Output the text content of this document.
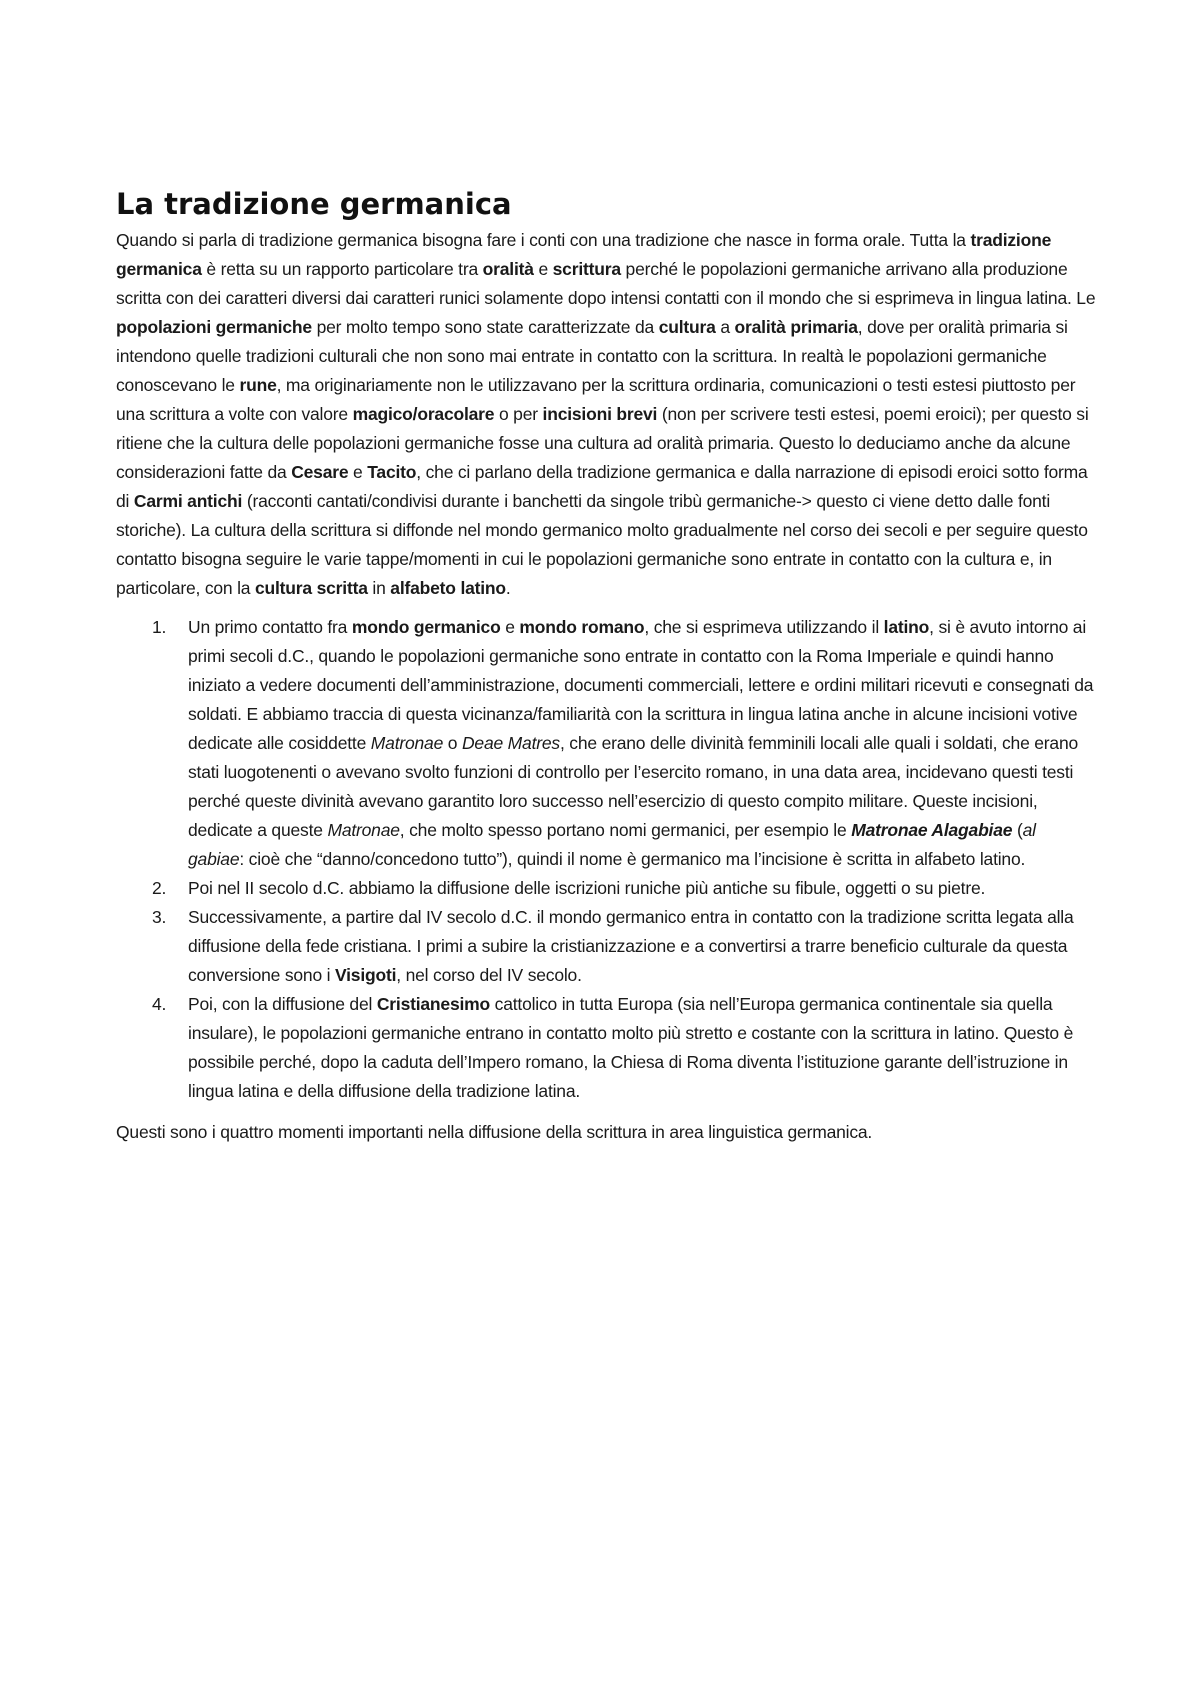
La tradizione germanica

Quando si parla di tradizione germanica bisogna fare i conti con una tradizione che nasce in forma orale. Tutta la tradizione germanica è retta su un rapporto particolare tra oralità e scrittura perché le popolazioni germaniche arrivano alla produzione scritta con dei caratteri diversi dai caratteri runici solamente dopo intensi contatti con il mondo che si esprimeva in lingua latina. Le popolazioni germaniche per molto tempo sono state caratterizzate da cultura a oralità primaria, dove per oralità primaria si intendono quelle tradizioni culturali che non sono mai entrate in contatto con la scrittura. In realtà le popolazioni germaniche conoscevano le rune, ma originariamente non le utilizzavano per la scrittura ordinaria, comunicazioni o testi estesi piuttosto per una scrittura a volte con valore magico/oracolare o per incisioni brevi (non per scrivere testi estesi, poemi eroici); per questo si ritiene che la cultura delle popolazioni germaniche fosse una cultura ad oralità primaria. Questo lo deduciamo anche da alcune considerazioni fatte da Cesare e Tacito, che ci parlano della tradizione germanica e dalla narrazione di episodi eroici sotto forma di Carmi antichi (racconti cantati/condivisi durante i banchetti da singole tribù germaniche-> questo ci viene detto dalle fonti storiche). La cultura della scrittura si diffonde nel mondo germanico molto gradualmente nel corso dei secoli e per seguire questo contatto bisogna seguire le varie tappe/momenti in cui le popolazioni germaniche sono entrate in contatto con la cultura e, in particolare, con la cultura scritta in alfabeto latino.

1. Un primo contatto fra mondo germanico e mondo romano, che si esprimeva utilizzando il latino, si è avuto intorno ai primi secoli d.C., quando le popolazioni germaniche sono entrate in contatto con la Roma Imperiale e quindi hanno iniziato a vedere documenti dell’amministrazione, documenti commerciali, lettere e ordini militari ricevuti e consegnati da soldati. E abbiamo traccia di questa vicinanza/familiarità con la scrittura in lingua latina anche in alcune incisioni votive dedicate alle cosiddette Matronae o Deae Matres, che erano delle divinità femminili locali alle quali i soldati, che erano stati luogotenenti o avevano svolto funzioni di controllo per l’esercito romano, in una data area, incidevano questi testi perché queste divinità avevano garantito loro successo nell’esercizio di questo compito militare. Queste incisioni, dedicate a queste Matronae, che molto spesso portano nomi germanici, per esempio le Matronae Alagabiae (al gabiae: cioè che “danno/concedono tutto”), quindi il nome è germanico ma l’incisione è scritta in alfabeto latino.
2. Poi nel II secolo d.C. abbiamo la diffusione delle iscrizioni runiche più antiche su fibule, oggetti o su pietre.
3. Successivamente, a partire dal IV secolo d.C. il mondo germanico entra in contatto con la tradizione scritta legata alla diffusione della fede cristiana. I primi a subire la cristianizzazione e a convertirsi a trarre beneficio culturale da questa conversione sono i Visigoti, nel corso del IV secolo.
4. Poi, con la diffusione del Cristianesimo cattolico in tutta Europa (sia nell’Europa germanica continentale sia quella insulare), le popolazioni germaniche entrano in contatto molto più stretto e costante con la scrittura in latino. Questo è possibile perché, dopo la caduta dell’Impero romano, la Chiesa di Roma diventa l’istituzione garante dell’istruzione in lingua latina e della diffusione della tradizione latina.

Questi sono i quattro momenti importanti nella diffusione della scrittura in area linguistica germanica.
